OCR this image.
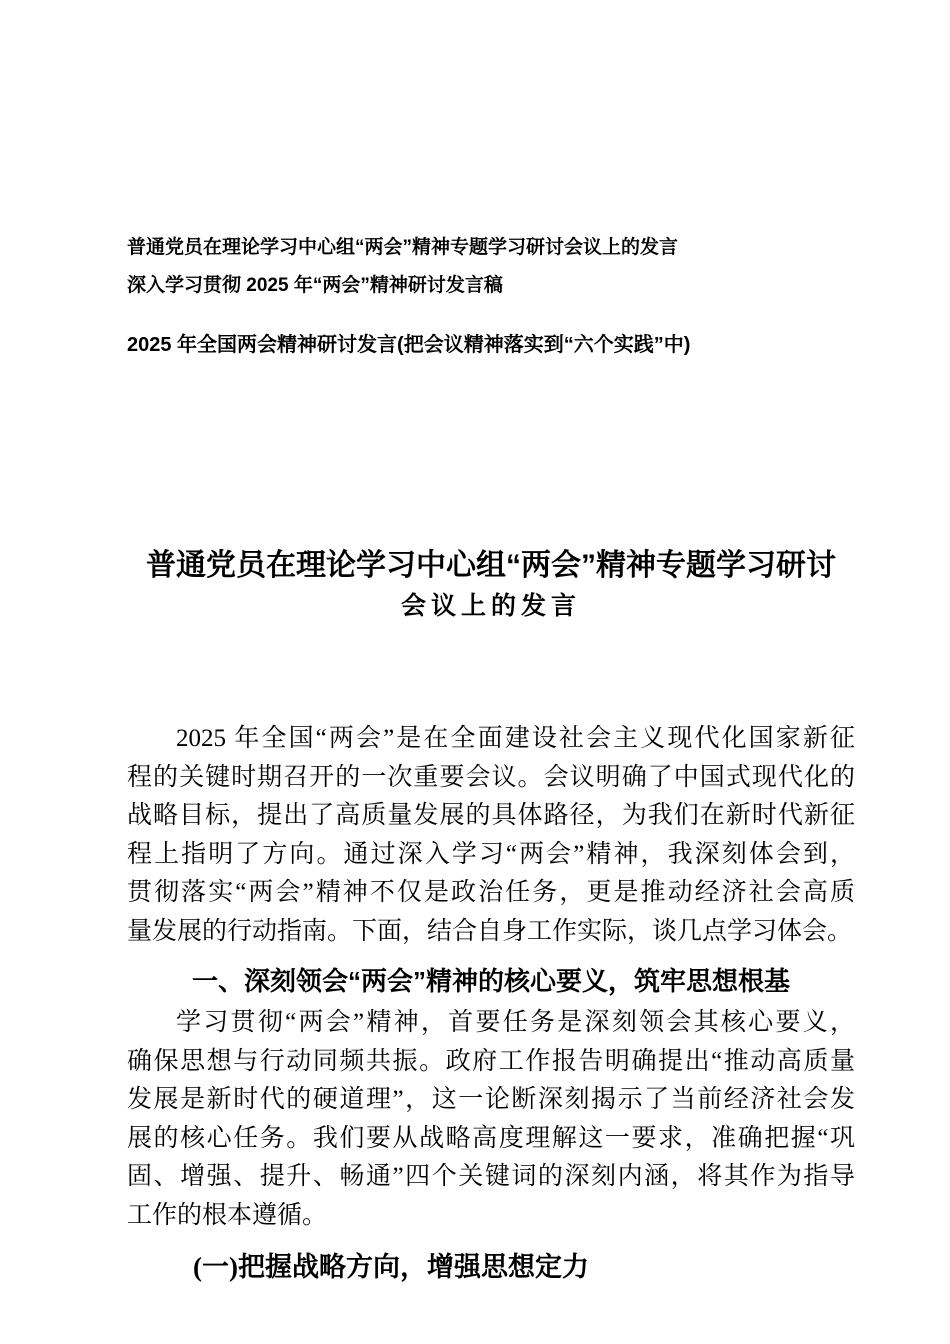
普通党员在理论学习中心组“两会”精神专题学习研讨会议上的发言
深入学习贯彻 2025 年“两会”精神研讨发言稿
2025 年全国两会精神研讨发言(把会议精神落实到“六个实践”中)
普通党员在理论学习中心组“两会”精神专题学习研讨
会议上的发言
2025 年全国“两会”是在全面建设社会主义现代化国家新征
程的关键时期召开的一次重要会议。会议明确了中国式现代化的
战略目标，提出了高质量发展的具体路径，为我们在新时代新征
程上指明了方向。通过深入学习“两会”精神，我深刻体会到，
贯彻落实“两会”精神不仅是政治任务，更是推动经济社会高质
量发展的行动指南。下面，结合自身工作实际，谈几点学习体会。
一、深刻领会“两会”精神的核心要义，筑牢思想根基
学习贯彻“两会”精神，首要任务是深刻领会其核心要义，
确保思想与行动同频共振。政府工作报告明确提出“推动高质量
发展是新时代的硬道理”，这一论断深刻揭示了当前经济社会发
展的核心任务。我们要从战略高度理解这一要求，准确把握“巩
固、增强、提升、畅通”四个关键词的深刻内涵，将其作为指导
工作的根本遵循。
(一)把握战略方向，增强思想定力
